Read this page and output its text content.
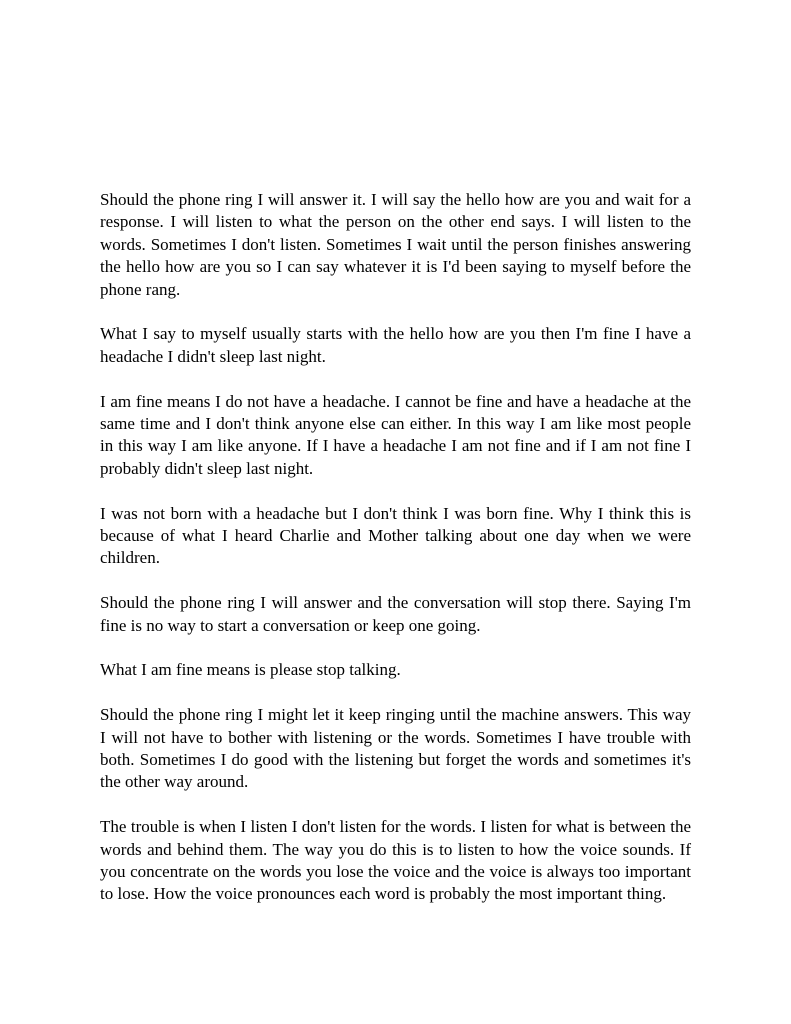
Should the phone ring I will answer it. I will say the hello how are you and wait for a response. I will listen to what the person on the other end says. I will listen to the words. Sometimes I don't listen. Sometimes I wait until the person finishes answering the hello how are you so I can say whatever it is I'd been saying to myself before the phone rang.

What I say to myself usually starts with the hello how are you then I'm fine I have a headache I didn't sleep last night.

I am fine means I do not have a headache. I cannot be fine and have a headache at the same time and I don't think anyone else can either. In this way I am like most people in this way I am like anyone. If I have a headache I am not fine and if I am not fine I probably didn't sleep last night.

I was not born with a headache but I don't think I was born fine. Why I think this is because of what I heard Charlie and Mother talking about one day when we were children.

Should the phone ring I will answer and the conversation will stop there. Saying I'm fine is no way to start a conversation or keep one going.

What I am fine means is please stop talking.

Should the phone ring I might let it keep ringing until the machine answers. This way I will not have to bother with listening or the words. Sometimes I have trouble with both. Sometimes I do good with the listening but forget the words and sometimes it's the other way around.

The trouble is when I listen I don't listen for the words. I listen for what is between the words and behind them. The way you do this is to listen to how the voice sounds. If you concentrate on the words you lose the voice and the voice is always too important to lose. How the voice pronounces each word is probably the most important thing.
